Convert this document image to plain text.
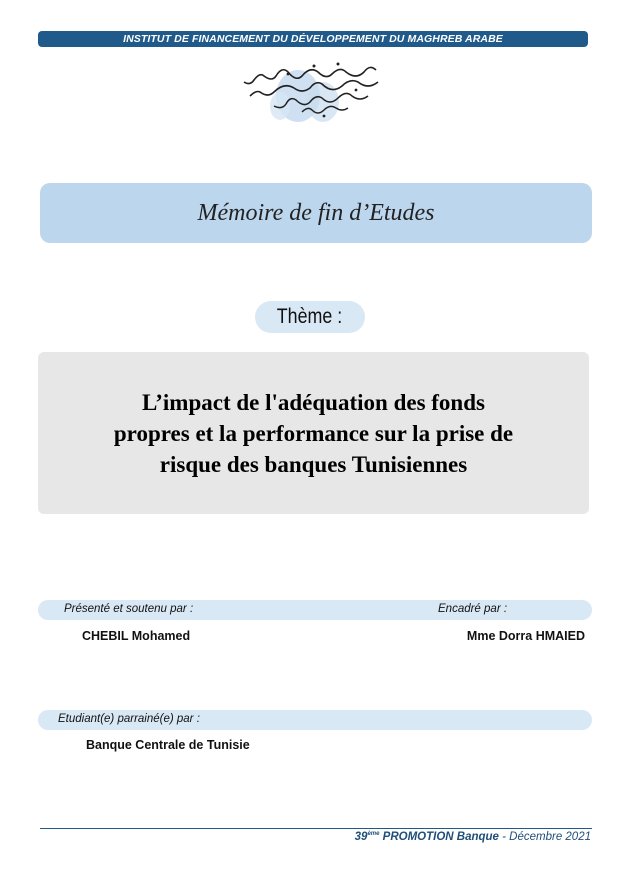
INSTITUT DE FINANCEMENT DU DÉVELOPPEMENT DU MAGHREB ARABE
Mémoire de fin d’Etudes
Thème :
L’impact de l'adéquation des fonds
propres et la performance sur la prise de
risque des banques Tunisiennes
Présenté et soutenu par :	Encadré par :
CHEBIL Mohamed	Mme Dorra HMAIED
Etudiant(e) parrainé(e) par :
Banque Centrale de Tunisie
39ème PROMOTION Banque - Décembre 2021
